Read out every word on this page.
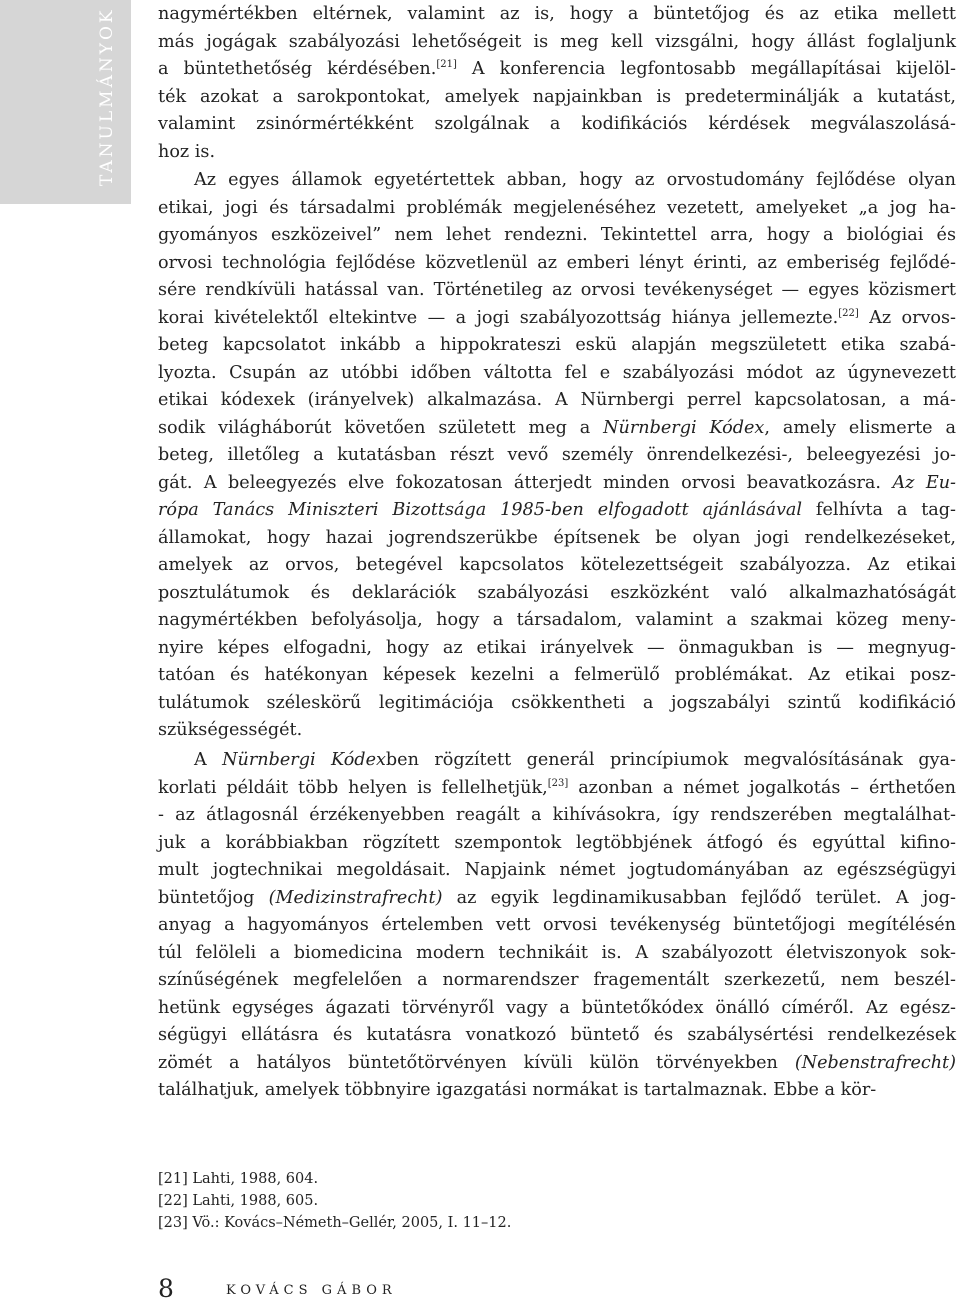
TANULMÁNYOK nagymértékben eltérnek, valamint az is, hogy a büntetőjog és az etika mellett
más jogágak szabályozási lehetőségeit is meg kell vizsgálni, hogy állást foglaljunk
a büntethetőség kérdésében.[21] A konferencia legfontosabb megállapításai kijelöl-
ték azokat a sarokpontokat, amelyek napjainkban is predeterminálják a kutatást,
valamint zsinórmértékként szolgálnak a kodifikációs kérdések megválaszolásá-
hoz is.
Az egyes államok egyetértettek abban, hogy az orvostudomány fejlődése olyan
etikai, jogi és társadalmi problémák megjelenéséhez vezetett, amelyeket „a jog ha-
gyományos eszközeivel” nem lehet rendezni. Tekintettel arra, hogy a biológiai és
orvosi technológia fejlődése közvetlenül az emberi lényt érinti, az emberiség fejlődé-
sére rendkívüli hatással van. Történetileg az orvosi tevékenységet — egyes közismert
korai kivételektől eltekintve — a jogi szabályozottság hiánya jellemezte.[22] Az orvos-
beteg kapcsolatot inkább a hippokrateszi eskü alapján megszületett etika szabá-
lyozta. Csupán az utóbbi időben váltotta fel e szabályozási módot az úgynevezett
etikai kódexek (irányelvek) alkalmazása. A Nürnbergi perrel kapcsolatosan, a má-
sodik világháborút követően született meg a Nürnbergi Kódex, amely elismerte a
beteg, illetőleg a kutatásban részt vevő személy önrendelkezési-, beleegyezési jo-
gát. A beleegyezés elve fokozatosan átterjedt minden orvosi beavatkozásra. Az Eu-
rópa Tanács Miniszteri Bizottsága 1985-ben elfogadott ajánlásával felhívta a tag-
államokat, hogy hazai jogrendszerükbe építsenek be olyan jogi rendelkezéseket,
amelyek az orvos, betegével kapcsolatos kötelezettségeit szabályozza. Az etikai
posztulátumok és deklarációk szabályozási eszközként való alkalmazhatóságát
nagymértékben befolyásolja, hogy a társadalom, valamint a szakmai közeg meny-
nyire képes elfogadni, hogy az etikai irányelvek — önmagukban is — megnyug-
tatóan és hatékonyan képesek kezelni a felmerülő problémákat. Az etikai posz-
tulátumok széleskörű legitimációja csökkentheti a jogszabályi szintű kodifikáció
szükségességét.
A Nürnbergi Kódexben rögzített generál princípiumok megvalósításának gya-
korlati példáit több helyen is fellelhetjük,[23] azonban a német jogalkotás – érthetően
- az átlagosnál érzékenyebben reagált a kihívásokra, így rendszerében megtalálhat-
juk a korábbiakban rögzített szempontok legtöbbjének átfogó és egyúttal kifino-
mult jogtechnikai megoldásait. Napjaink német jogtudományában az egészségügyi
büntetőjog (Medizinstrafrecht) az egyik legdinamikusabban fejlődő terület. A jog-
anyag a hagyományos értelemben vett orvosi tevékenység büntetőjogi megítélésén
túl felöleli a biomedicina modern technikáit is. A szabályozott életviszonyok sok-
színűségének megfelelően a normarendszer fragementált szerkezetű, nem beszél-
hetünk egységes ágazati törvényről vagy a büntetőkódex önálló címéről. Az egész-
ségügyi ellátásra és kutatásra vonatkozó büntető és szabálysértési rendelkezések
zömét a hatályos büntetőtörvényen kívüli külön törvényekben (Nebenstrafrecht)
találhatjuk, amelyek többnyire igazgatási normákat is tartalmaznak. Ebbe a kör-
[21] Lahti, 1988, 604.
[22] Lahti, 1988, 605.
[23] Vö.: Kovács–Németh–Gellér, 2005, I. 11–12.
8	KOVÁCS GÁBOR
